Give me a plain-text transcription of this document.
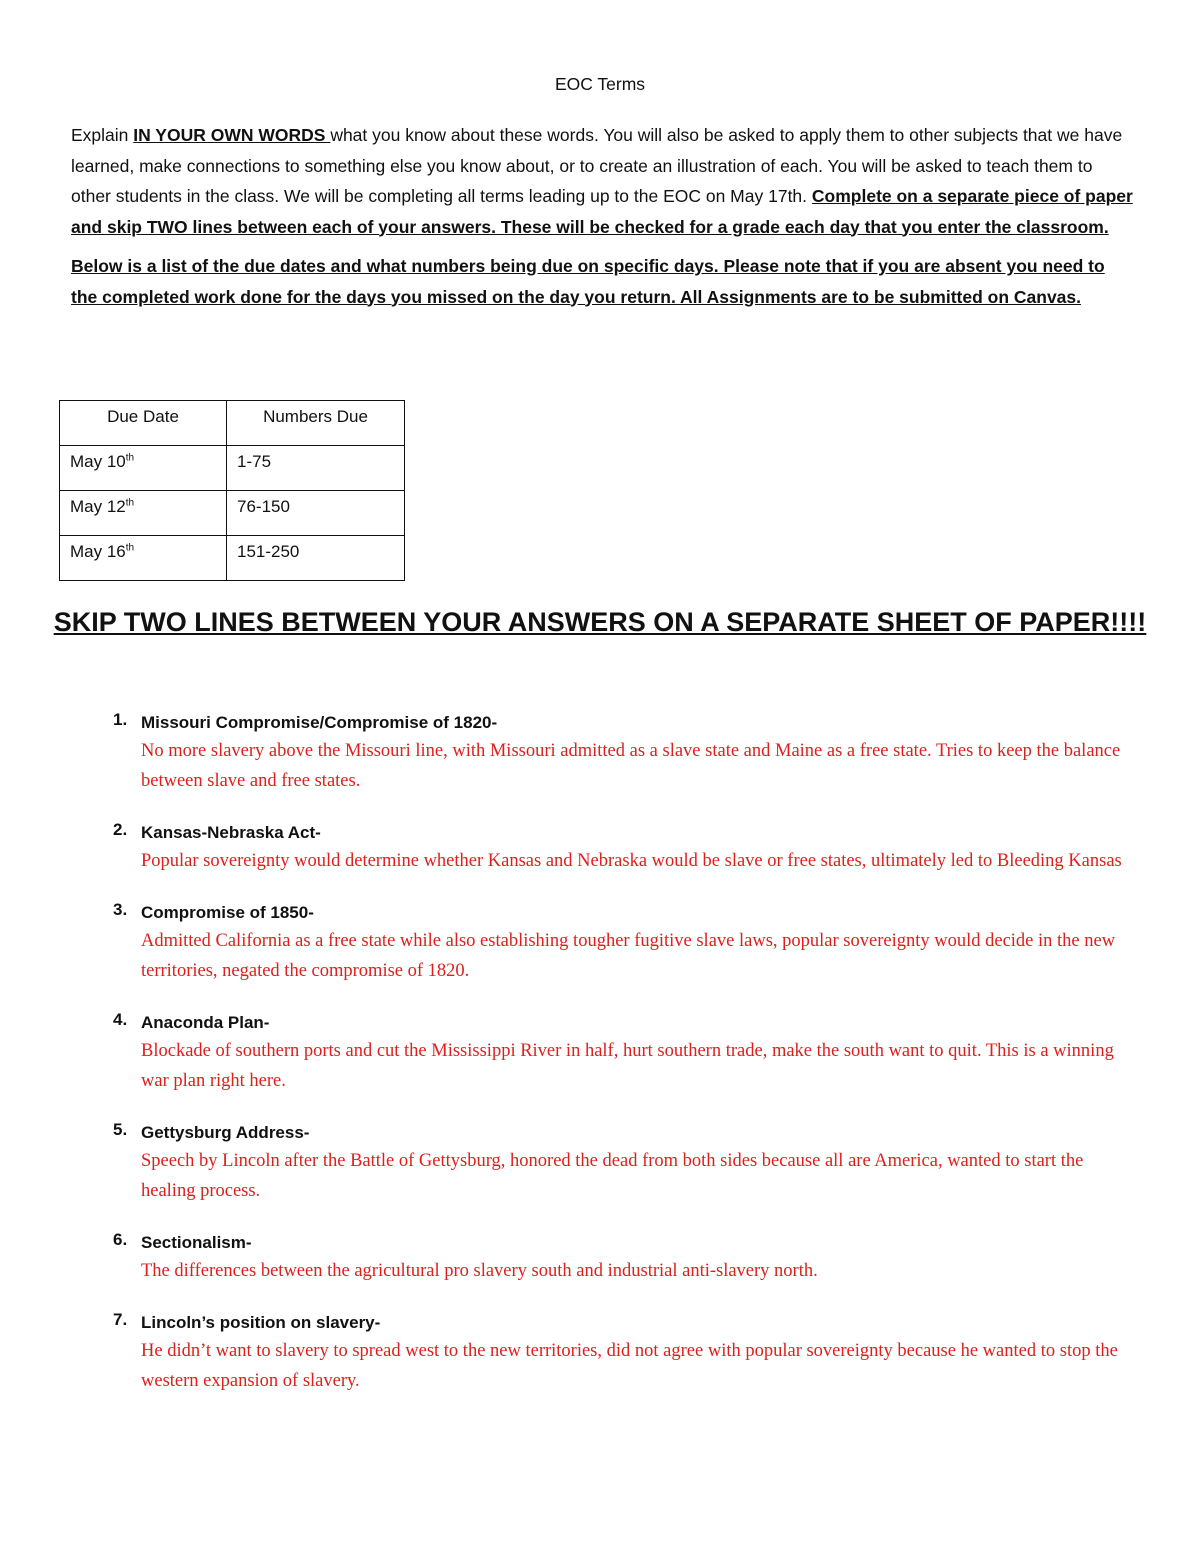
EOC Terms

Explain IN YOUR OWN WORDS what you know about these words. You will also be asked to apply them to other subjects that we have learned, make connections to something else you know about, or to create an illustration of each. You will be asked to teach them to other students in the class. We will be completing all terms leading up to the EOC on May 17th. Complete on a separate piece of paper and skip TWO lines between each of your answers. These will be checked for a grade each day that you enter the classroom.

Below is a list of the due dates and what numbers being due on specific days. Please note that if you are absent you need to the completed work done for the days you missed on the day you return. All Assignments are to be submitted on Canvas.

Due Date	Numbers Due
May 10th	1-75
May 12th	76-150
May 16th	151-250
SKIP TWO LINES BETWEEN YOUR ANSWERS ON A SEPARATE SHEET OF PAPER!!!!
1. Missouri Compromise/Compromise of 1820-
No more slavery above the Missouri line, with Missouri admitted as a slave state and Maine as a free state. Tries to keep the balance between slave and free states.
2. Kansas-Nebraska Act-
Popular sovereignty would determine whether Kansas and Nebraska would be slave or free states, ultimately led to Bleeding Kansas
3. Compromise of 1850-
Admitted California as a free state while also establishing tougher fugitive slave laws, popular sovereignty would decide in the new territories, negated the compromise of 1820.
4. Anaconda Plan-
Blockade of southern ports and cut the Mississippi River in half, hurt southern trade, make the south want to quit. This is a winning war plan right here.
5. Gettysburg Address-
Speech by Lincoln after the Battle of Gettysburg, honored the dead from both sides because all are America, wanted to start the healing process.
6. Sectionalism-
The differences between the agricultural pro slavery south and industrial anti-slavery north.
7. Lincoln’s position on slavery-
He didn’t want to slavery to spread west to the new territories, did not agree with popular sovereignty because he wanted to stop the western expansion of slavery.
